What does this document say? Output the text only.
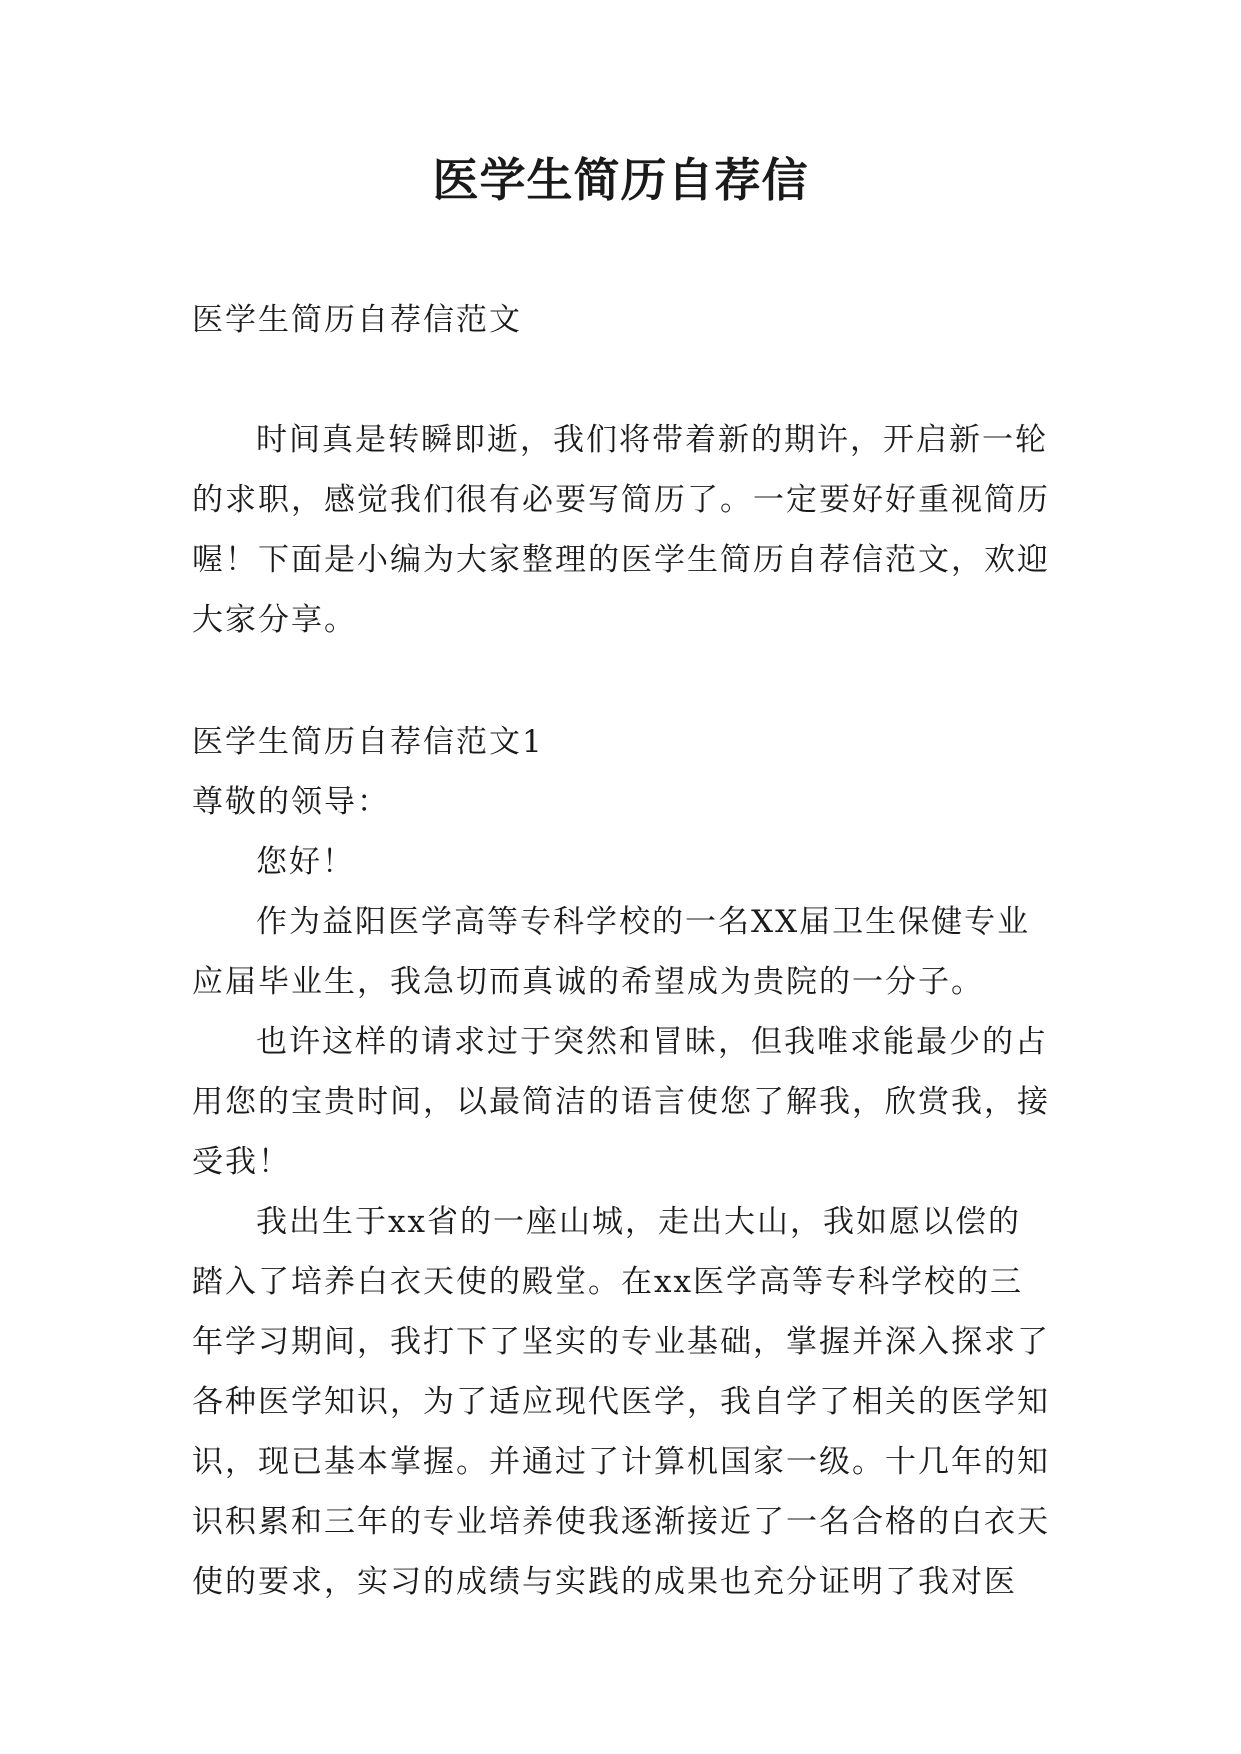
医学生简历自荐信

医学生简历自荐信范文

时间真是转瞬即逝，我们将带着新的期许，开启新一轮的求职，感觉我们很有必要写简历了。一定要好好重视简历喔！下面是小编为大家整理的医学生简历自荐信范文，欢迎大家分享。

医学生简历自荐信范文1

尊敬的领导：

您好！

作为益阳医学高等专科学校的一名XX届卫生保健专业应届毕业生，我急切而真诚的希望成为贵院的一分子。

也许这样的请求过于突然和冒昧，但我唯求能最少的占用您的宝贵时间，以最简洁的语言使您了解我，欣赏我，接受我！

我出生于xx省的一座山城，走出大山，我如愿以偿的踏入了培养白衣天使的殿堂。在xx医学高等专科学校的三年学习期间，我打下了坚实的专业基础，掌握并深入探求了各种医学知识，为了适应现代医学，我自学了相关的医学知识，现已基本掌握。并通过了计算机国家一级。十几年的知识积累和三年的专业培养使我逐渐接近了一名合格的白衣天使的要求，实习的成绩与实践的成果也充分证明了我对医
